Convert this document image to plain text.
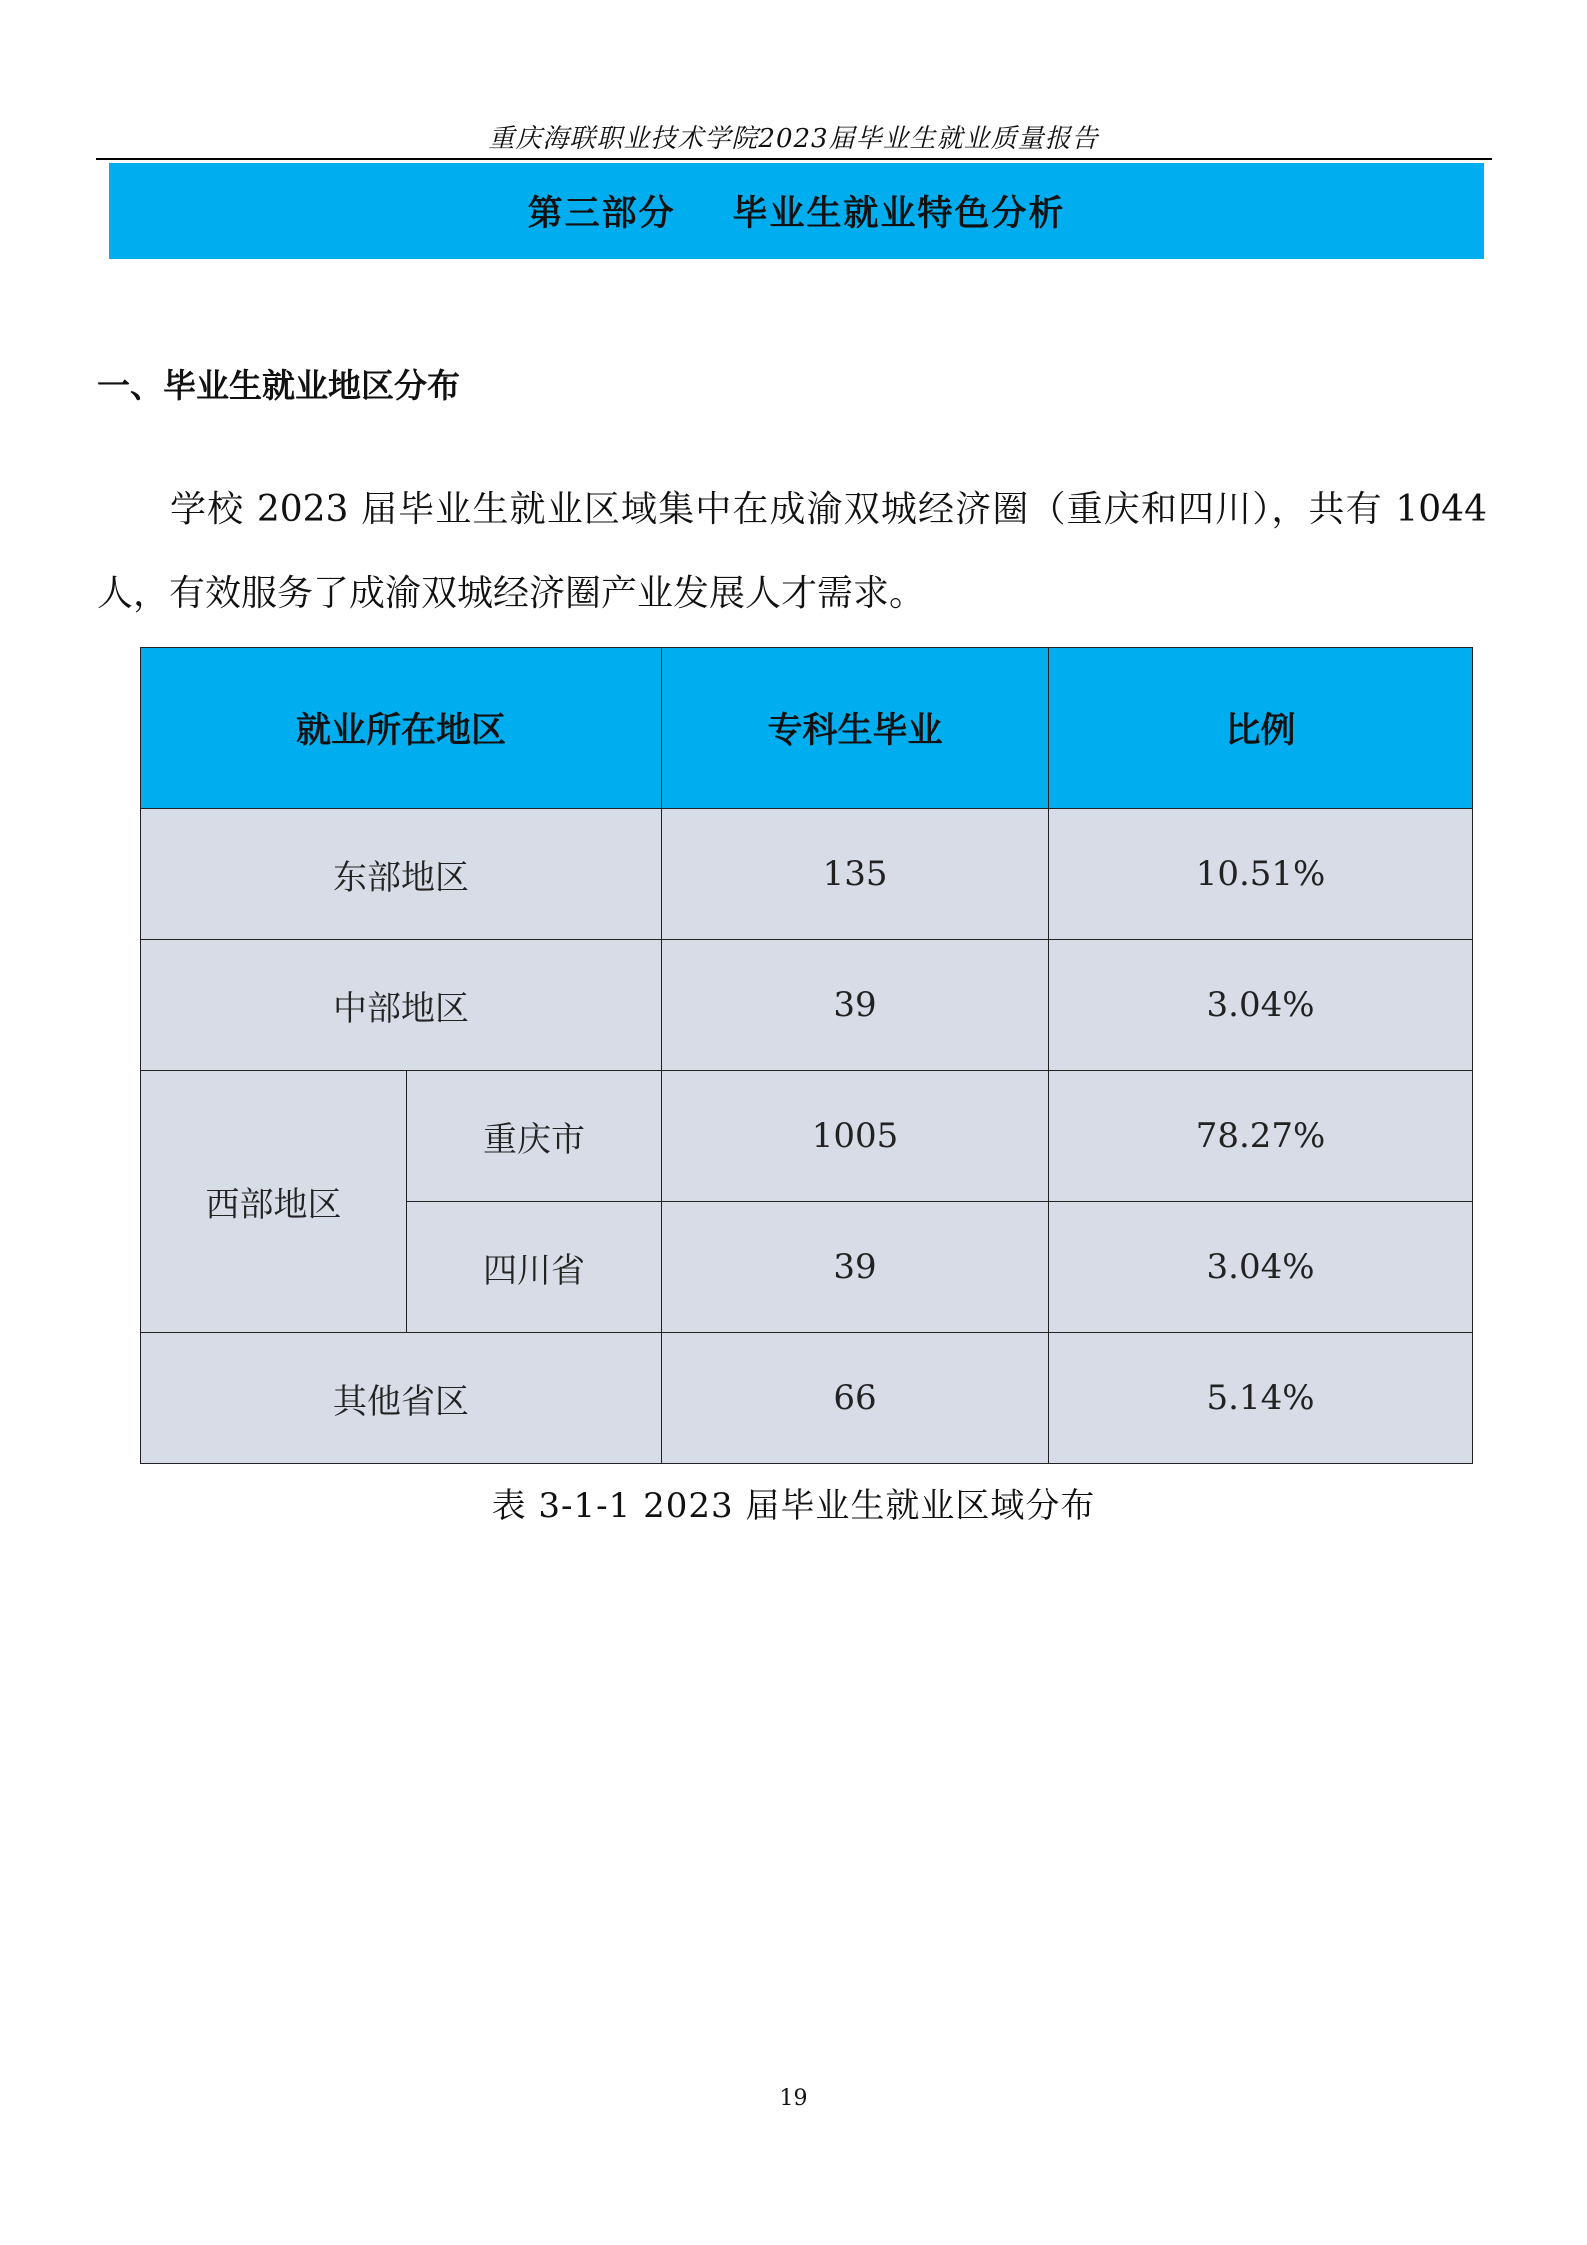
重庆海联职业技术学院2023届毕业生就业质量报告
第三部分    毕业生就业特色分析
一、毕业生就业地区分布

学校 2023 届毕业生就业区域集中在成渝双城经济圈（重庆和四川），共有 1044 人，有效服务了成渝双城经济圈产业发展人才需求。

就业所在地区		专科生毕业	比例
东部地区		135	10.51%
中部地区		39	3.04%
西部地区	重庆市	1005	78.27%
	四川省	39	3.04%
其他省区		66	5.14%
表 3-1-1 2023 届毕业生就业区域分布
19
